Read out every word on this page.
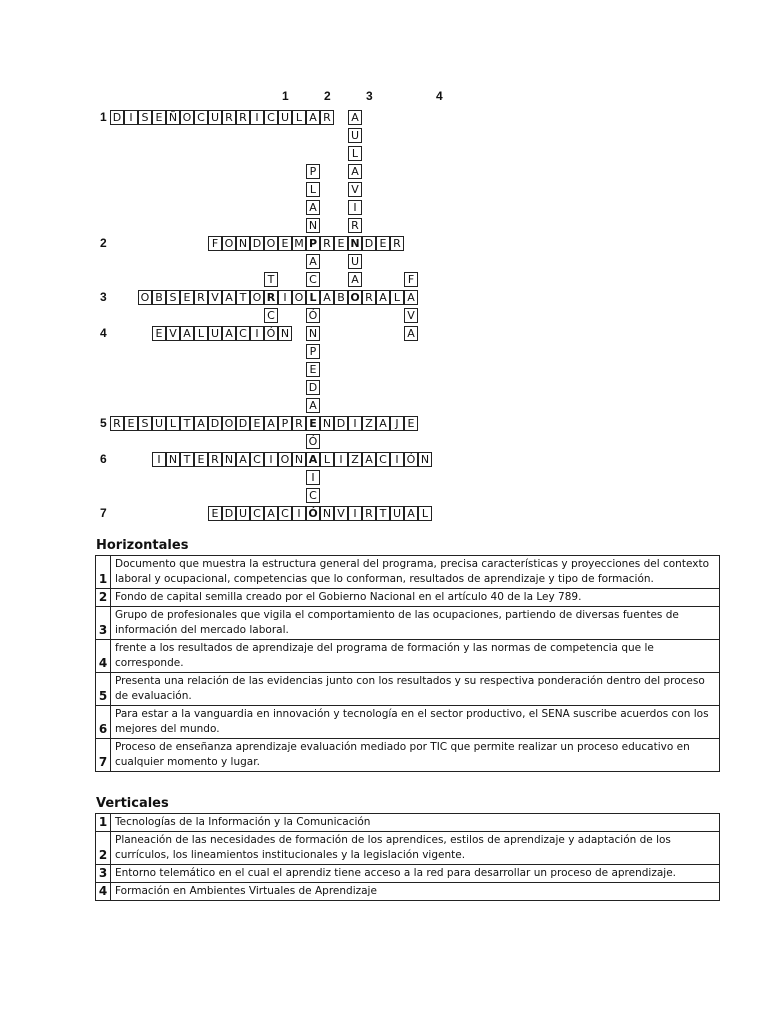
D I S E Ñ O C U R R I C U L A R
F O N D O E M P R E N D E R
O B S E R V A T O R I O L A B O R A L
E V A L U A C I Ó N
R E S U L T A D O D E A P R E N D I Z A J E
I N T E R N A C I O N A L I Z A C I Ó N
E D U C A C I Ó N V I R T U A L
T
C
P
L
A
N
A
C
Ó
N
P
E
D
A
Ó
I
C
A
U
L
A
V
I
R
U
A	F
A
V
A
1
2
3
4
5
6
7
1	2	3	4
Horizontales
1	Documento que muestra la estructura general del programa, precisa características y proyecciones del contexto laboral y ocupacional, competencias que lo conforman, resultados de aprendizaje y tipo de formación.
2	Fondo de capital semilla creado por el Gobierno Nacional en el artículo 40 de la Ley 789.
3	Grupo de profesionales que vigila el comportamiento de las ocupaciones, partiendo de diversas fuentes de información del mercado laboral.
4	frente a los resultados de aprendizaje del programa de formación y las normas de competencia que le corresponde.
5	Presenta una relación de las evidencias junto con los resultados y su respectiva ponderación dentro del proceso de evaluación.
6	Para estar a la vanguardia en innovación y tecnología en el sector productivo, el SENA suscribe acuerdos con los mejores del mundo.
7	Proceso de enseñanza aprendizaje evaluación mediado por TIC que permite realizar un proceso educativo en cualquier momento y lugar.
Verticales
1	Tecnologías de la Información y la Comunicación
2	Planeación de las necesidades de formación de los aprendices, estilos de aprendizaje y adaptación de los currículos, los lineamientos institucionales y la legislación vigente.
3	Entorno telemático en el cual el aprendiz tiene acceso a la red para desarrollar un proceso de aprendizaje.
4	Formación en Ambientes Virtuales de Aprendizaje
